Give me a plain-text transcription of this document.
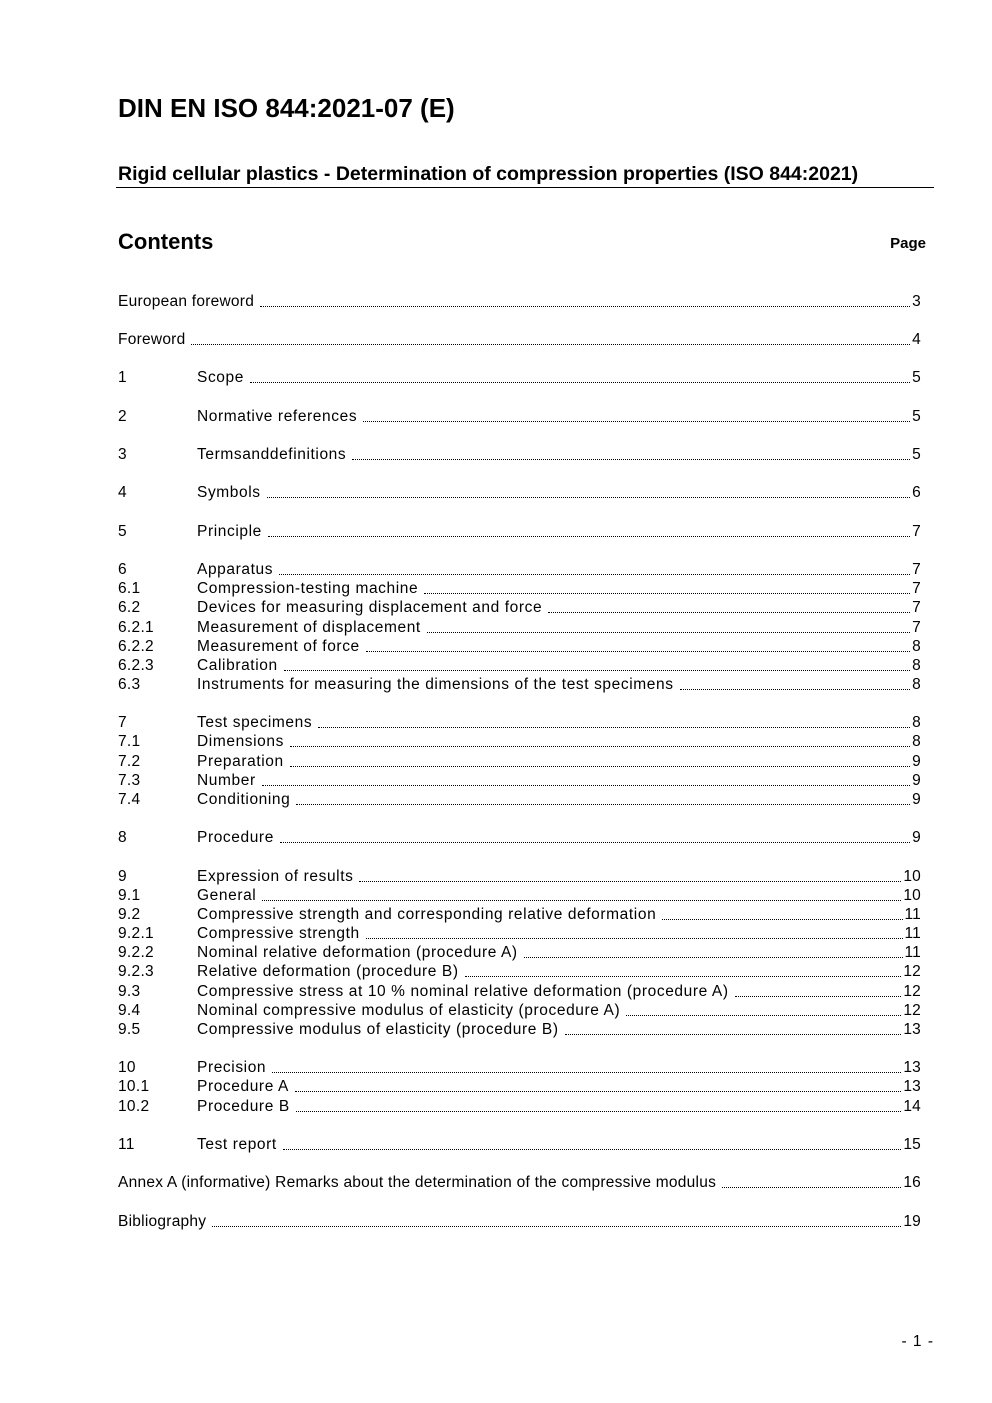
DIN EN ISO 844:2021-07 (E)
Rigid cellular plastics - Determination of compression properties (ISO 844:2021)
Contents	Page
European foreword	3
Foreword	4
1	Scope	5
2	Normative references	5
3	Termsanddefinitions	5
4	Symbols	6
5	Principle	7
6	Apparatus	7
6.1	Compression-testing machine	7
6.2	Devices for measuring displacement and force	7
6.2.1	Measurement of displacement	7
6.2.2	Measurement of force	8
6.2.3	Calibration	8
6.3	Instruments for measuring the dimensions of the test specimens	8
7	Test specimens	8
7.1	Dimensions	8
7.2	Preparation	9
7.3	Number	9
7.4	Conditioning	9
8	Procedure	9
9	Expression of results	10
9.1	General	10
9.2	Compressive strength and corresponding relative deformation	11
9.2.1	Compressive strength	11
9.2.2	Nominal relative deformation (procedure A)	11
9.2.3	Relative deformation (procedure B)	12
9.3	Compressive stress at 10 % nominal relative deformation (procedure A)	12
9.4	Nominal compressive modulus of elasticity (procedure A)	12
9.5	Compressive modulus of elasticity (procedure B)	13
10	Precision	13
10.1	Procedure A	13
10.2	Procedure B	14
11	Test report	15
Annex A (informative) Remarks about the determination of the compressive modulus	16
Bibliography	19
- 1 -
